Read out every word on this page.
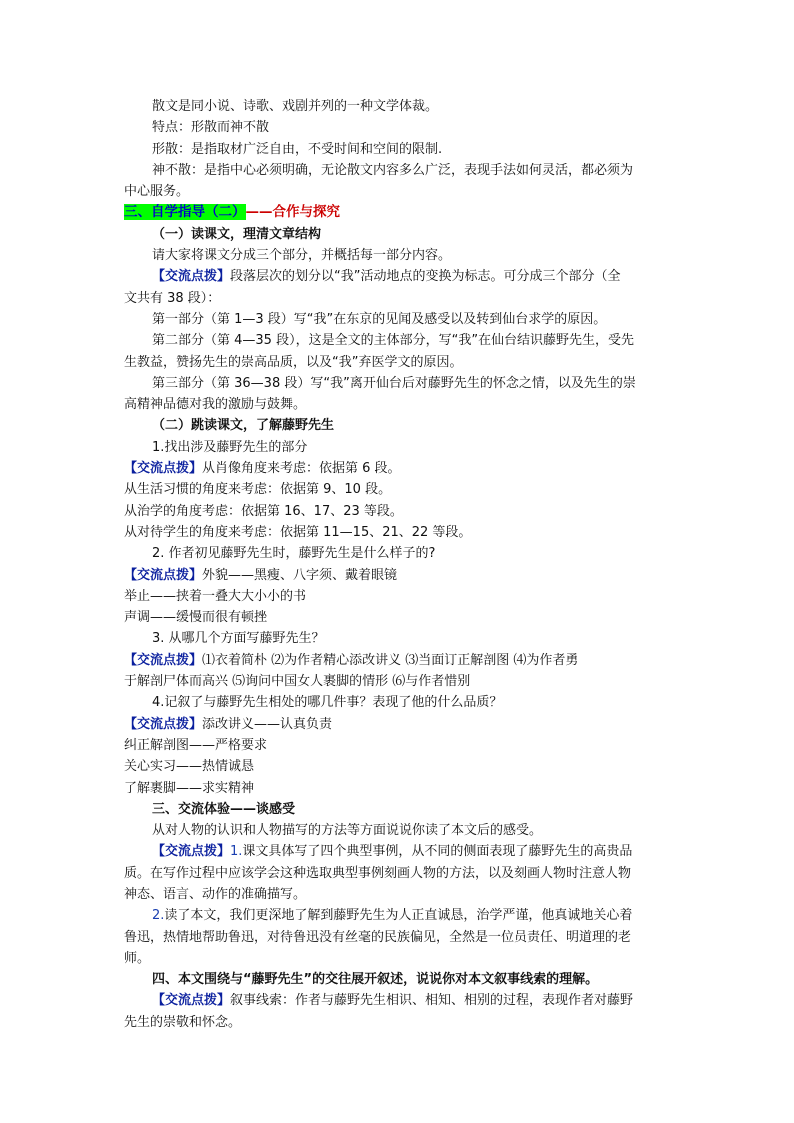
散文是同小说、诗歌、戏剧并列的一种文学体裁。

特点：形散而神不散

形散：是指取材广泛自由，不受时间和空间的限制.

神不散：是指中心必须明确，无论散文内容多么广泛，表现手法如何灵活，都必须为

中心服务。

三、自学指导（二）——合作与探究

（一）读课文，理清文章结构

请大家将课文分成三个部分，并概括每一部分内容。

【交流点拨】段落层次的划分以“我”活动地点的变换为标志。可分成三个部分（全

文共有 38 段）：

第一部分（第 1—3 段）写“我”在东京的见闻及感受以及转到仙台求学的原因。

第二部分（第 4—35 段），这是全文的主体部分，写“我”在仙台结识藤野先生，受先

生教益，赞扬先生的崇高品质，以及“我”弃医学文的原因。

第三部分（第 36—38 段）写“我”离开仙台后对藤野先生的怀念之情，以及先生的崇

高精神品德对我的激励与鼓舞。

（二）跳读课文，了解藤野先生

1.找出涉及藤野先生的部分

【交流点拨】从肖像角度来考虑：依据第 6 段。

从生活习惯的角度来考虑：依据第 9、10 段。

从治学的角度考虑：依据第 16、17、23 等段。

从对待学生的角度来考虑：依据第 11—15、21、22 等段。

2. 作者初见藤野先生时，藤野先生是什么样子的?

【交流点拨】外貌——黑瘦、八字须、戴着眼镜

举止——挟着一叠大大小小的书

声调——缓慢而很有顿挫

3. 从哪几个方面写藤野先生？

【交流点拨】⑴衣着简朴 ⑵为作者精心添改讲义 ⑶当面订正解剖图 ⑷为作者勇

于解剖尸体而高兴 ⑸询问中国女人裹脚的情形 ⑹与作者惜别

4.记叙了与藤野先生相处的哪几件事？表现了他的什么品质？

【交流点拨】添改讲义——认真负责

纠正解剖图——严格要求

关心实习——热情诚恳

了解裹脚——求实精神

三、交流体验——谈感受

从对人物的认识和人物描写的方法等方面说说你读了本文后的感受。

【交流点拨】1.课文具体写了四个典型事例，从不同的侧面表现了藤野先生的高贵品

质。在写作过程中应该学会这种选取典型事例刻画人物的方法，以及刻画人物时注意人物

神态、语言、动作的准确描写。

2.读了本文，我们更深地了解到藤野先生为人正直诚恳，治学严谨，他真诚地关心着

鲁迅，热情地帮助鲁迅，对待鲁迅没有丝毫的民族偏见，全然是一位员责任、明道理的老

师。

四、本文围绕与“藤野先生”的交往展开叙述，说说你对本文叙事线索的理解。

【交流点拨】叙事线索：作者与藤野先生相识、相知、相别的过程，表现作者对藤野

先生的崇敬和怀念。
